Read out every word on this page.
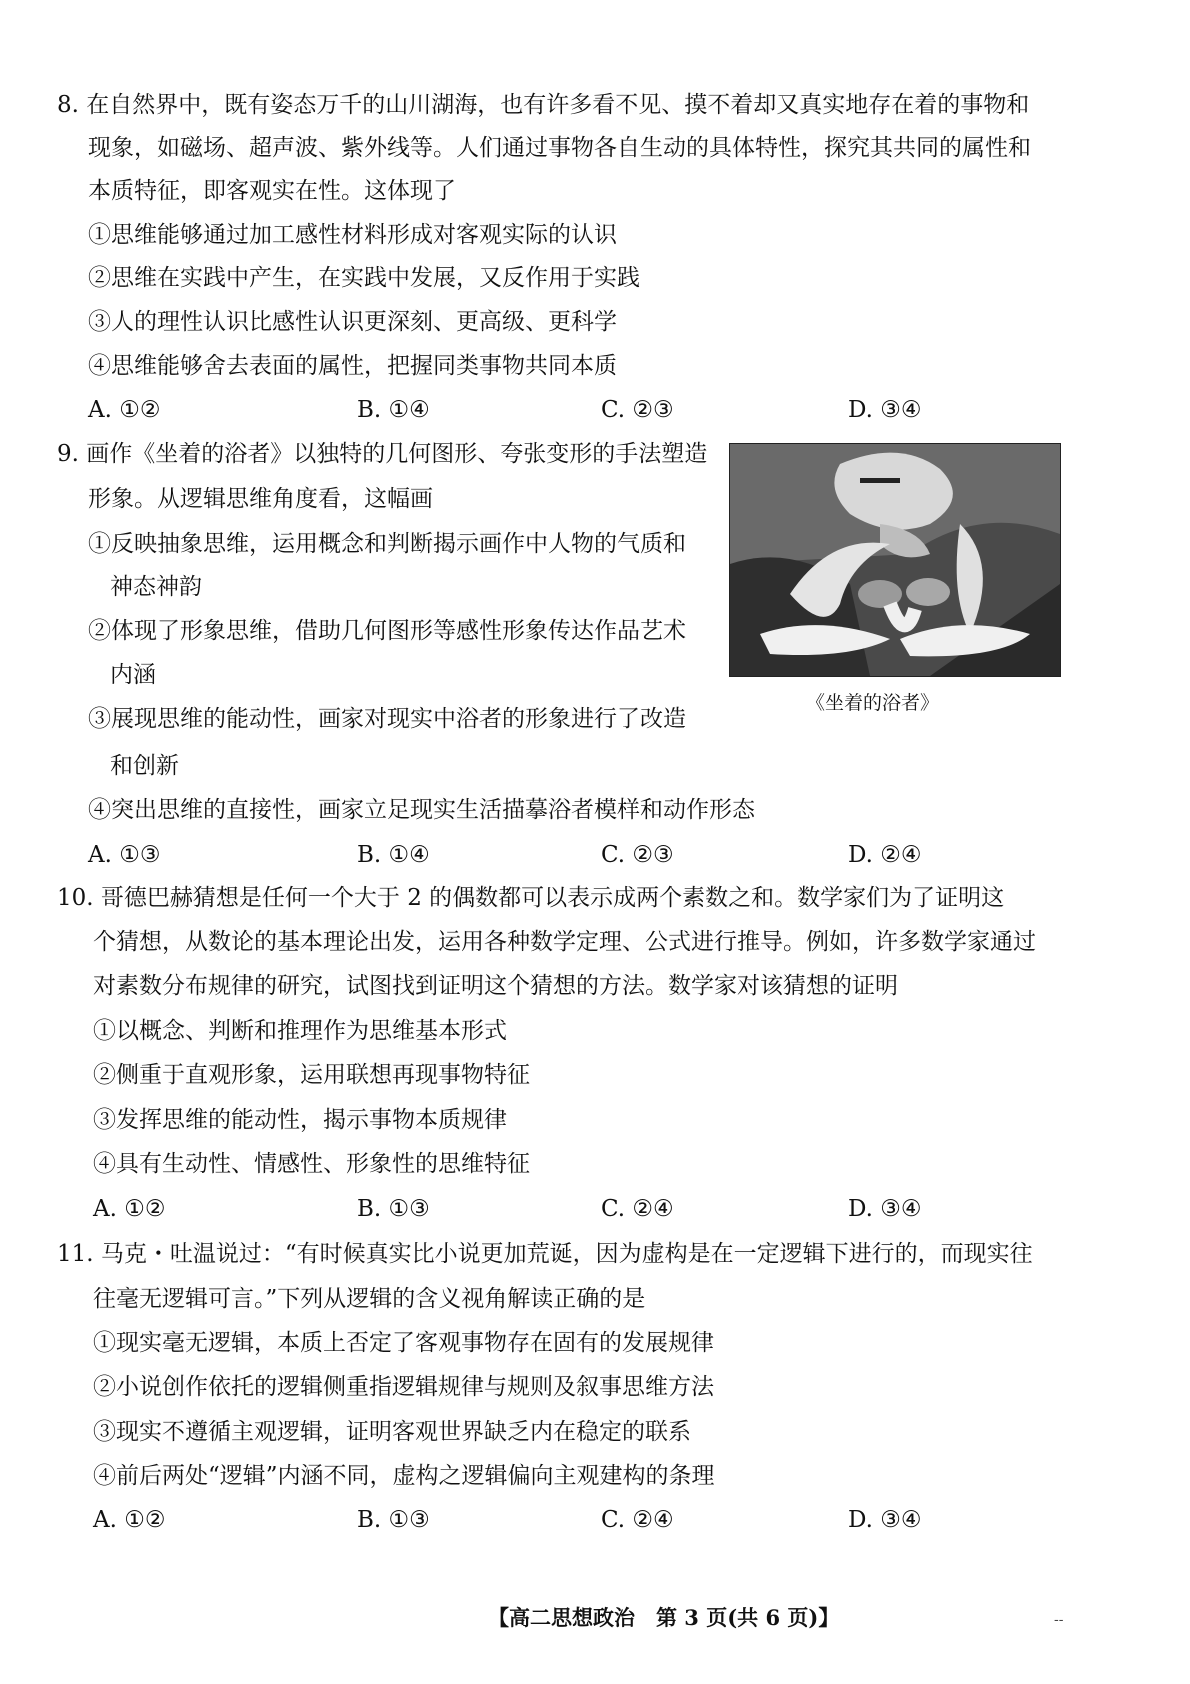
8. 在自然界中，既有姿态万千的山川湖海，也有许多看不见、摸不着却又真实地存在着的事物和
现象，如磁场、超声波、紫外线等。人们通过事物各自生动的具体特性，探究其共同的属性和
本质特征，即客观实在性。这体现了
①思维能够通过加工感性材料形成对客观实际的认识
②思维在实践中产生，在实践中发展，又反作用于实践
③人的理性认识比感性认识更深刻、更高级、更科学
④思维能够舍去表面的属性，把握同类事物共同本质
A. ①②	B. ①④	C. ②③	D. ③④
9. 画作《坐着的浴者》以独特的几何图形、夸张变形的手法塑造
形象。从逻辑思维角度看，这幅画
①反映抽象思维，运用概念和判断揭示画作中人物的气质和
神态神韵
②体现了形象思维，借助几何图形等感性形象传达作品艺术
内涵
③展现思维的能动性，画家对现实中浴者的形象进行了改造
和创新
④突出思维的直接性，画家立足现实生活描摹浴者模样和动作形态
A. ①③	B. ①④	C. ②③	D. ②④
《坐着的浴者》
10. 哥德巴赫猜想是任何一个大于 2 的偶数都可以表示成两个素数之和。数学家们为了证明这
个猜想，从数论的基本理论出发，运用各种数学定理、公式进行推导。例如，许多数学家通过
对素数分布规律的研究，试图找到证明这个猜想的方法。数学家对该猜想的证明
①以概念、判断和推理作为思维基本形式
②侧重于直观形象，运用联想再现事物特征
③发挥思维的能动性，揭示事物本质规律
④具有生动性、情感性、形象性的思维特征
A. ①②	B. ①③	C. ②④	D. ③④
11. 马克・吐温说过：“有时候真实比小说更加荒诞，因为虚构是在一定逻辑下进行的，而现实往
往毫无逻辑可言。”下列从逻辑的含义视角解读正确的是
①现实毫无逻辑，本质上否定了客观事物存在固有的发展规律
②小说创作依托的逻辑侧重指逻辑规律与规则及叙事思维方法
③现实不遵循主观逻辑，证明客观世界缺乏内在稳定的联系
④前后两处“逻辑”内涵不同，虚构之逻辑偏向主观建构的条理
A. ①②	B. ①③	C. ②④	D. ③④
【高二思想政治　第 3 页(共 6 页)】	--
